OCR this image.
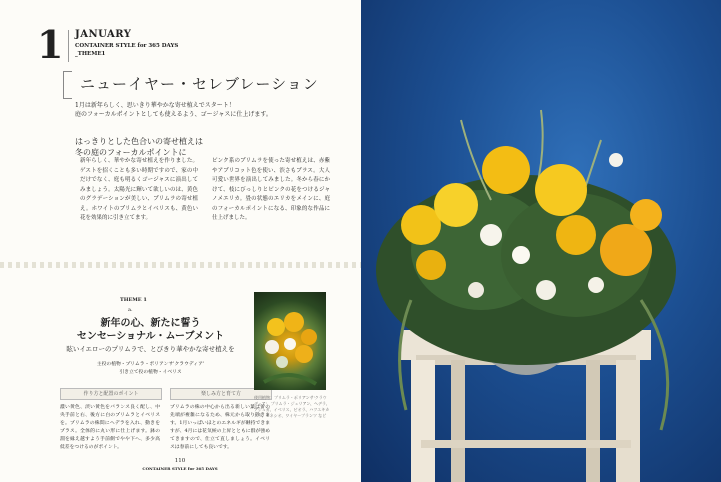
1 JANUARY
CONTAINER STYLE for 365 DAYS
_THEME1
ニューイヤー・セレブレーション
1月は新年らしく、思いきり華やかな寄せ植えでスタート！
庭のフォーカルポイントとしても使えるよう、ゴージャスに仕上げます。
はっきりとした色合いの寄せ植えは
冬の庭のフォーカルポイントに
新年らしく、華やかな寄せ植えを作りました。ゲストを招くことも多い時期ですので、家の中だけでなく、庭も明るくゴージャスに演出してみましょう。太陽光に輝いて欲しいのは、黄色のグラデーションが美しい、プリムラの寄せ植え。ホワイトのプリムラとイベリスも、黄色い花を効果的に引き立てます。
ピンク系のプリムラを使った寄せ植えは、赤紫やアプリコット色を使い、渋さもプラス。大人可愛い世界を演出してみました。冬から春にかけて、枝にびっしりとピンクの花をつけるジャノメエリカ。畳の状態のエリカをメインに、庭のフォーカルポイントになる、印象的な作品に仕上げました。
THEME 1
a.
新年の心、新たに誓う
センセーショナル・ムーブメント
眩いイエローのプリムラで、とびきり華やかな寄せ植えを
主役の植物・プリムラ・ポリアンサ'クラウディア'
引き立て役の植物・イベリス
作り方と配置のポイント	楽しみ方と育て方
濃い黄色、淡い黄色をバランス良く配し、中央手前と右、後方に白のプリムラとイベリスを。プリムラの株間にヘデラを入れ、動きをプラス。全体的に丸い形に仕上げます。鉢の淵を縁え越すよう手前側でやや下へ、多少高低差をつけるのがポイント。
プリムラの株の中心から出る新しい葉は蕾の先端が複雑になるため、株元から取り除きます。1月いっぱいほとのエネルギが継持できますが、4月には花気候の上昇とともに群が強めてきますので、仕立て直しましょう。イベリスは春前にしても良いです。
使用植物：プリムラ・ポリアンサ'クラウディア'、プリムラ・ジュリアン、ヘデラ、アジュガ、イベリス、ビオラ、ハツユキカズラ、セネシオ、ワイヤープランツ など
110
CONTAINER STYLE for 365 DAYS
